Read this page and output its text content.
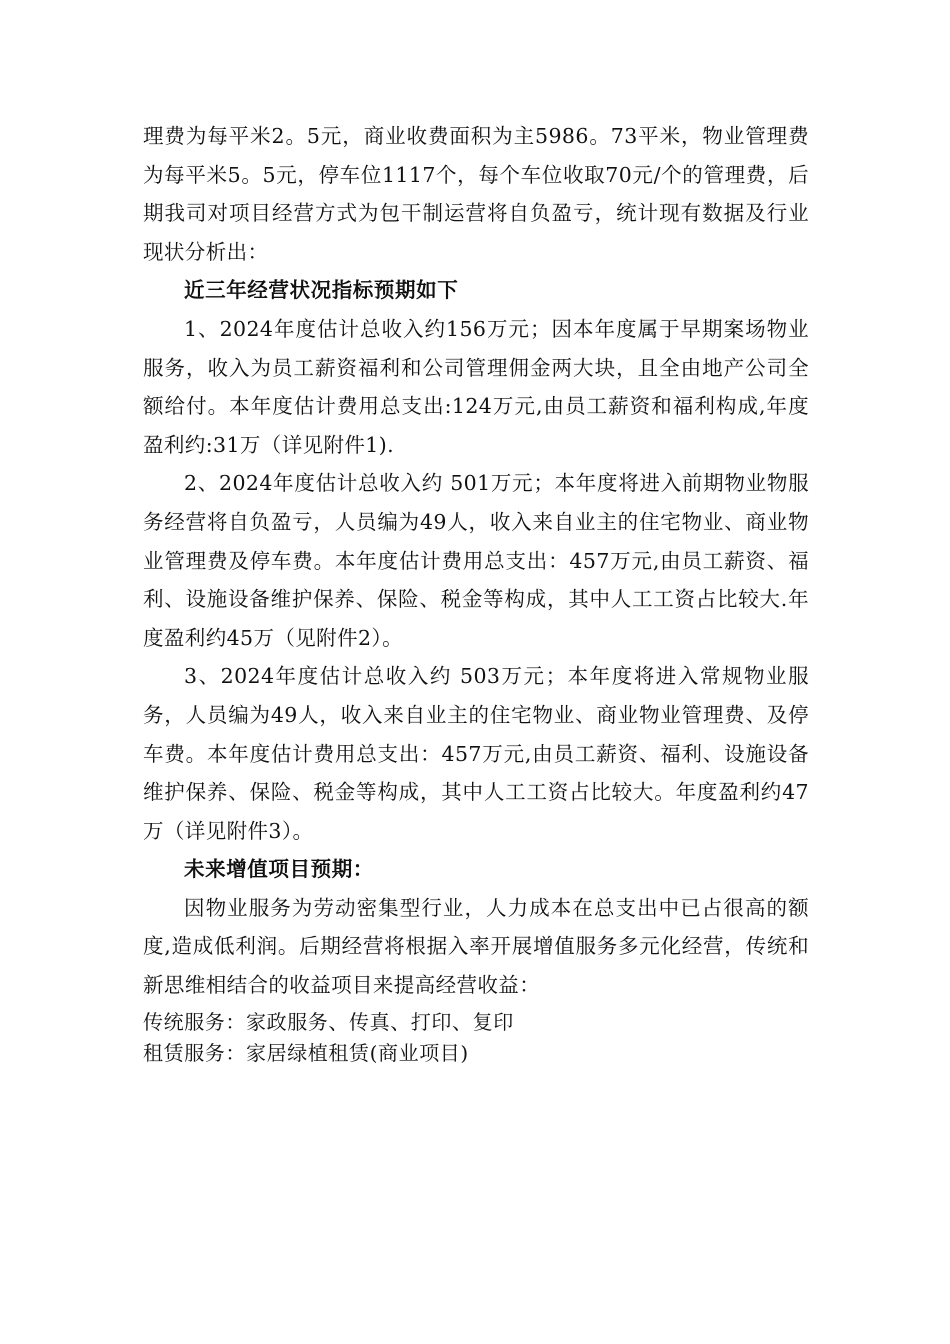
理费为每平米2。5元，商业收费面积为主5986。73平米，物业管理费为每平米5。5元，停车位1117个，每个车位收取70元/个的管理费，后期我司对项目经营方式为包干制运营将自负盈亏，统计现有数据及行业现状分析出：

近三年经营状况指标预期如下

1、2024年度估计总收入约156万元；因本年度属于早期案场物业服务，收入为员工薪资福利和公司管理佣金两大块，且全由地产公司全额给付。本年度估计费用总支出:124万元,由员工薪资和福利构成,年度盈利约:31万（详见附件1).

2、2024年度估计总收入约 501万元；本年度将进入前期物业物服务经营将自负盈亏，人员编为49人，收入来自业主的住宅物业、商业物业管理费及停车费。本年度估计费用总支出：457万元,由员工薪资、福利、设施设备维护保养、保险、税金等构成，其中人工工资占比较大.年度盈利约45万（见附件2）。

3、2024年度估计总收入约 503万元；本年度将进入常规物业服务，人员编为49人，收入来自业主的住宅物业、商业物业管理费、及停车费。本年度估计费用总支出：457万元,由员工薪资、福利、设施设备维护保养、保险、税金等构成，其中人工工资占比较大。年度盈利约47万（详见附件3）。

未来增值项目预期：

因物业服务为劳动密集型行业，人力成本在总支出中已占很高的额度,造成低利润。后期经营将根据入率开展增值服务多元化经营，传统和新思维相结合的收益项目来提高经营收益：

传统服务：家政服务、传真、打印、复印

租赁服务：家居绿植租赁(商业项目)
